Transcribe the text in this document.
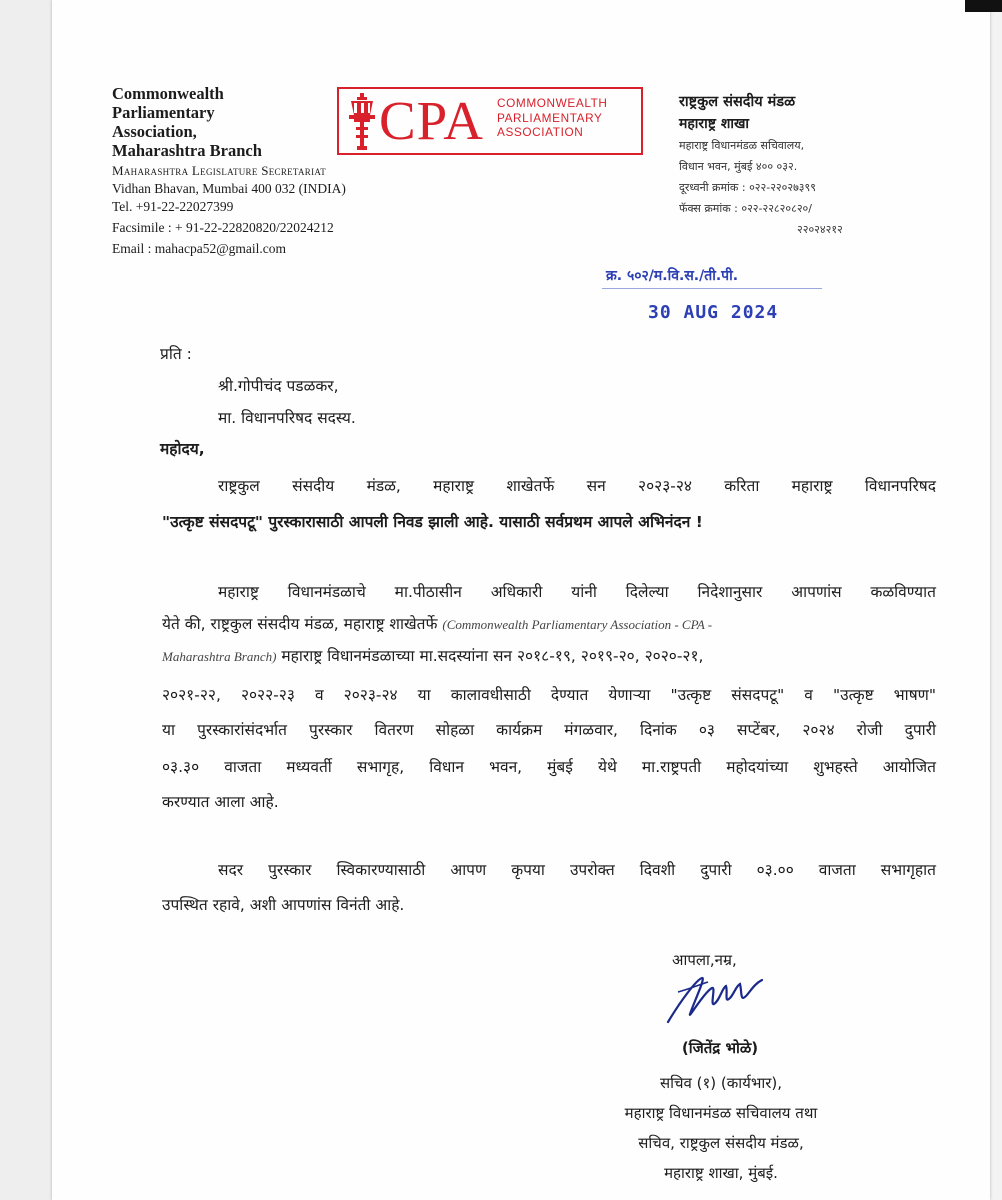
Commonwealth
Parliamentary
Association,
Maharashtra Branch
Maharashtra Legislature Secretariat
Vidhan Bhavan, Mumbai 400 032 (INDIA)
Tel. +91-22-22027399
Facsimile : + 91-22-22820820/22024212
Email : mahacpa52@gmail.com
CPA COMMONWEALTH
PARLIAMENTARY
ASSOCIATION
राष्ट्रकुल संसदीय मंडळ
महाराष्ट्र शाखा
महाराष्ट्र विधानमंडळ सचिवालय,
विधान भवन, मुंबई ४०० ०३२.
दूरध्वनी क्रमांक : ०२२-२२०२७३९९
फॅक्स क्रमांक : ०२२-२२८२०८२०/
२२०२४२१२
क्र. ५०२/म.वि.स./ती.पी.
30 AUG 2024
प्रति :
श्री.गोपीचंद पडळकर,
मा. विधानपरिषद सदस्य.
महोदय,
राष्ट्रकुल संसदीय मंडळ, महाराष्ट्र शाखेतर्फे सन २०२३-२४ करिता महाराष्ट्र विधानपरिषद
"उत्कृष्ट संसदपटू" पुरस्कारासाठी आपली निवड झाली आहे. यासाठी सर्वप्रथम आपले अभिनंदन !
महाराष्ट्र विधानमंडळाचे मा.पीठासीन अधिकारी यांनी दिलेल्या निदेशानुसार आपणांस कळविण्यात
येते की, राष्ट्रकुल संसदीय मंडळ, महाराष्ट्र शाखेतर्फे (Commonwealth Parliamentary Association - CPA -
Maharashtra Branch) महाराष्ट्र विधानमंडळाच्या मा.सदस्यांना सन २०१८-१९, २०१९-२०, २०२०-२१,
२०२१-२२, २०२२-२३ व २०२३-२४ या कालावधीसाठी देण्यात येणाऱ्या "उत्कृष्ट संसदपटू" व "उत्कृष्ट भाषण"
या पुरस्कारांसंदर्भात पुरस्कार वितरण सोहळा कार्यक्रम मंगळवार, दिनांक ०३ सप्टेंबर, २०२४ रोजी दुपारी
०३.३० वाजता मध्यवर्ती सभागृह, विधान भवन, मुंबई येथे मा.राष्ट्रपती महोदयांच्या शुभहस्ते आयोजित
करण्यात आला आहे.
सदर पुरस्कार स्विकारण्यासाठी आपण कृपया उपरोक्त दिवशी दुपारी ०३.०० वाजता सभागृहात
उपस्थित रहावे, अशी आपणांस विनंती आहे.
आपला,नम्र,
(जितेंद्र भोळे)
सचिव (१) (कार्यभार),
महाराष्ट्र विधानमंडळ सचिवालय तथा
सचिव, राष्ट्रकुल संसदीय मंडळ,
महाराष्ट्र शाखा, मुंबई.
